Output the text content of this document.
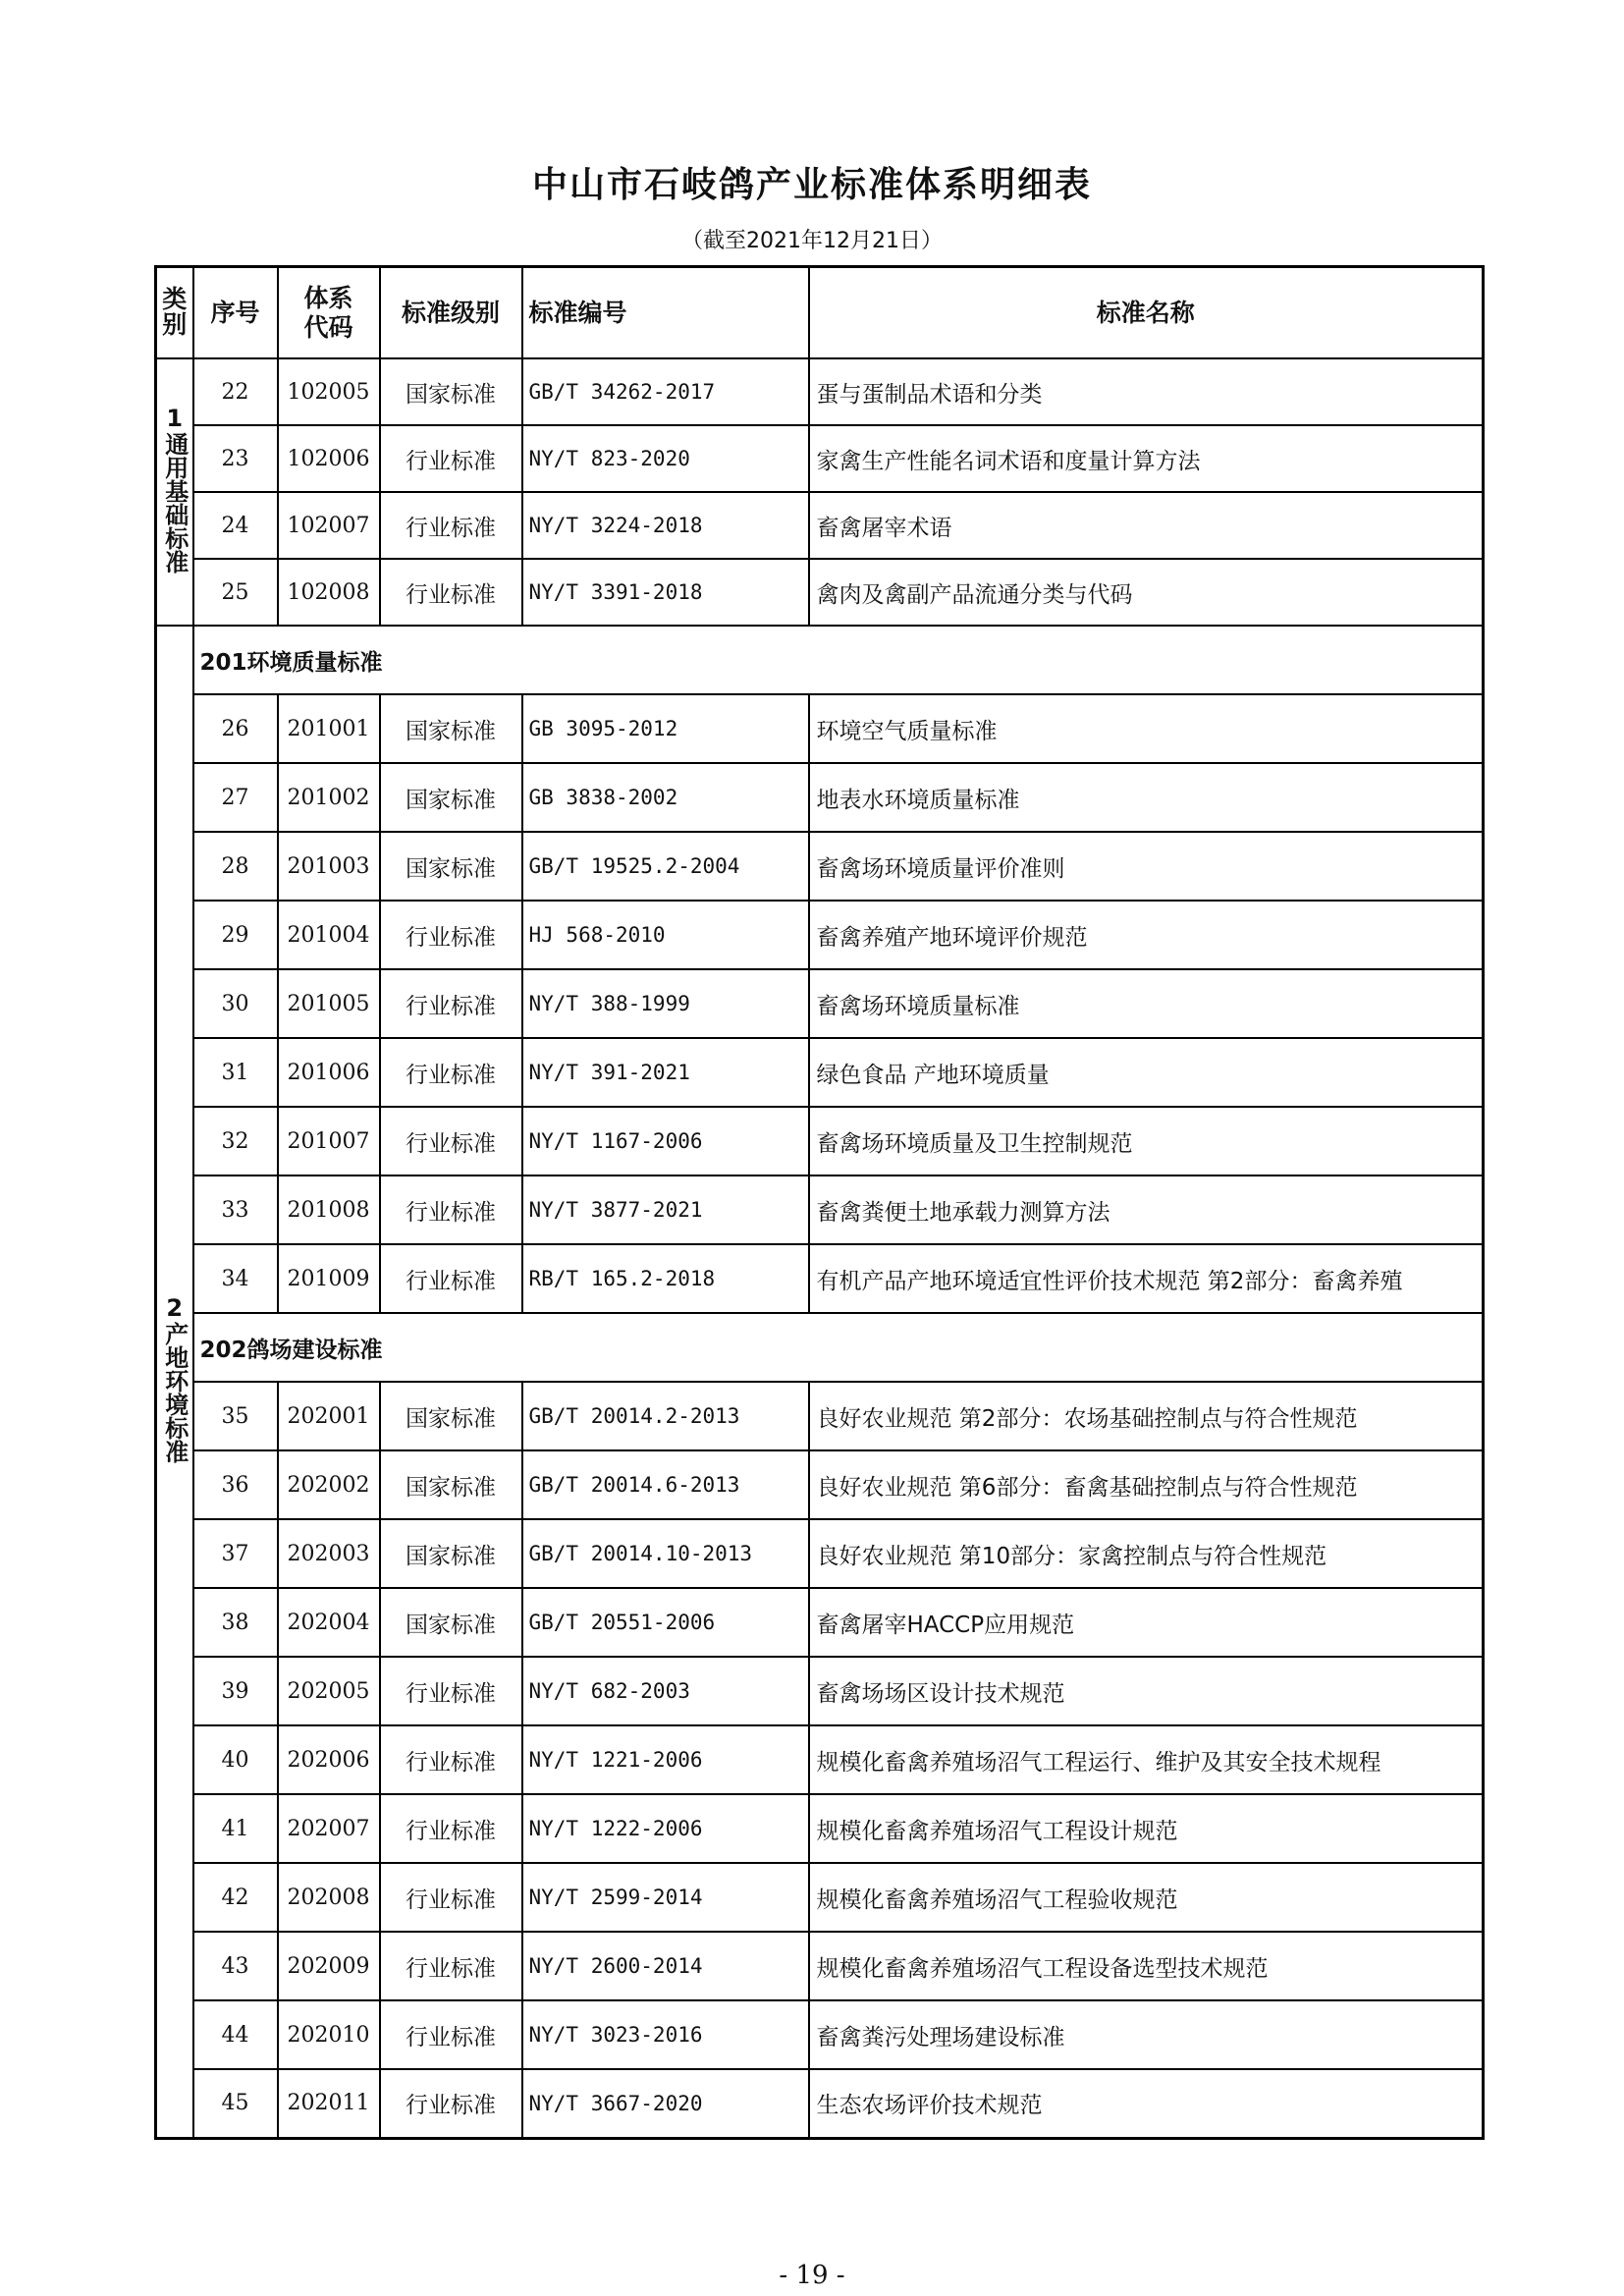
中山市石岐鸽产业标准体系明细表
（截至2021年12月21日）
类别	序号	体系代码	标准级别	标准编号	标准名称
1通用基础标准	22	102005	国家标准	GB/T 34262-2017	蛋与蛋制品术语和分类
	23	102006	行业标准	NY/T 823-2020	家禽生产性能名词术语和度量计算方法
	24	102007	行业标准	NY/T 3224-2018	畜禽屠宰术语
	25	102008	行业标准	NY/T 3391-2018	禽肉及禽副产品流通分类与代码
2产地环境标准	201环境质量标准				
	26	201001	国家标准	GB 3095-2012	环境空气质量标准
	27	201002	国家标准	GB 3838-2002	地表水环境质量标准
	28	201003	国家标准	GB/T 19525.2-2004	畜禽场环境质量评价准则
	29	201004	行业标准	HJ 568-2010	畜禽养殖产地环境评价规范
	30	201005	行业标准	NY/T 388-1999	畜禽场环境质量标准
	31	201006	行业标准	NY/T 391-2021	绿色食品 产地环境质量
	32	201007	行业标准	NY/T 1167-2006	畜禽场环境质量及卫生控制规范
	33	201008	行业标准	NY/T 3877-2021	畜禽粪便土地承载力测算方法
	34	201009	行业标准	RB/T 165.2-2018	有机产品产地环境适宜性评价技术规范 第2部分：畜禽养殖
	202鸽场建设标准				
	35	202001	国家标准	GB/T 20014.2-2013	良好农业规范 第2部分：农场基础控制点与符合性规范
	36	202002	国家标准	GB/T 20014.6-2013	良好农业规范 第6部分：畜禽基础控制点与符合性规范
	37	202003	国家标准	GB/T 20014.10-2013	良好农业规范 第10部分：家禽控制点与符合性规范
	38	202004	国家标准	GB/T 20551-2006	畜禽屠宰HACCP应用规范
	39	202005	行业标准	NY/T 682-2003	畜禽场场区设计技术规范
	40	202006	行业标准	NY/T 1221-2006	规模化畜禽养殖场沼气工程运行、维护及其安全技术规程
	41	202007	行业标准	NY/T 1222-2006	规模化畜禽养殖场沼气工程设计规范
	42	202008	行业标准	NY/T 2599-2014	规模化畜禽养殖场沼气工程验收规范
	43	202009	行业标准	NY/T 2600-2014	规模化畜禽养殖场沼气工程设备选型技术规范
	44	202010	行业标准	NY/T 3023-2016	畜禽粪污处理场建设标准
	45	202011	行业标准	NY/T 3667-2020	生态农场评价技术规范
- 19 -
